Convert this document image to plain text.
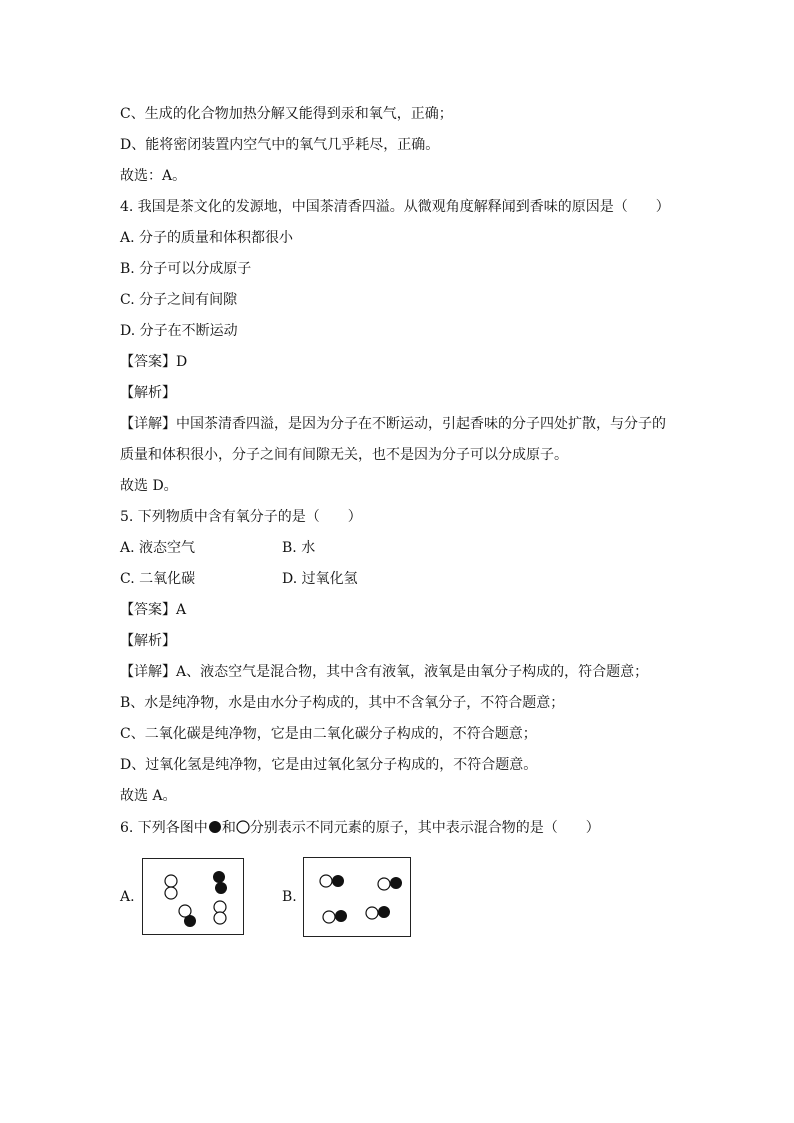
C、生成的化合物加热分解又能得到汞和氧气，正确；
D、能将密闭装置内空气中的氧气几乎耗尽，正确。
故选：A。
4. 我国是茶文化的发源地，中国茶清香四溢。从微观角度解释闻到香味的原因是（　　）
A. 分子的质量和体积都很小
B. 分子可以分成原子
C. 分子之间有间隙
D. 分子在不断运动
【答案】D
【解析】
【详解】中国茶清香四溢，是因为分子在不断运动，引起香味的分子四处扩散，与分子的
质量和体积很小，分子之间有间隙无关，也不是因为分子可以分成原子。
故选 D。
5. 下列物质中含有氧分子的是（　　）
A. 液态空气	B. 水
C. 二氧化碳	D. 过氧化氢
【答案】A
【解析】
【详解】A、液态空气是混合物，其中含有液氧，液氧是由氧分子构成的，符合题意；
B、水是纯净物，水是由水分子构成的，其中不含氧分子，不符合题意；
C、二氧化碳是纯净物，它是由二氧化碳分子构成的，不符合题意；
D、过氧化氢是纯净物，它是由过氧化氢分子构成的，不符合题意。
故选 A。
6. 下列各图中 和 分别表示不同元素的原子，其中表示混合物的是（　　）
A.	B.
